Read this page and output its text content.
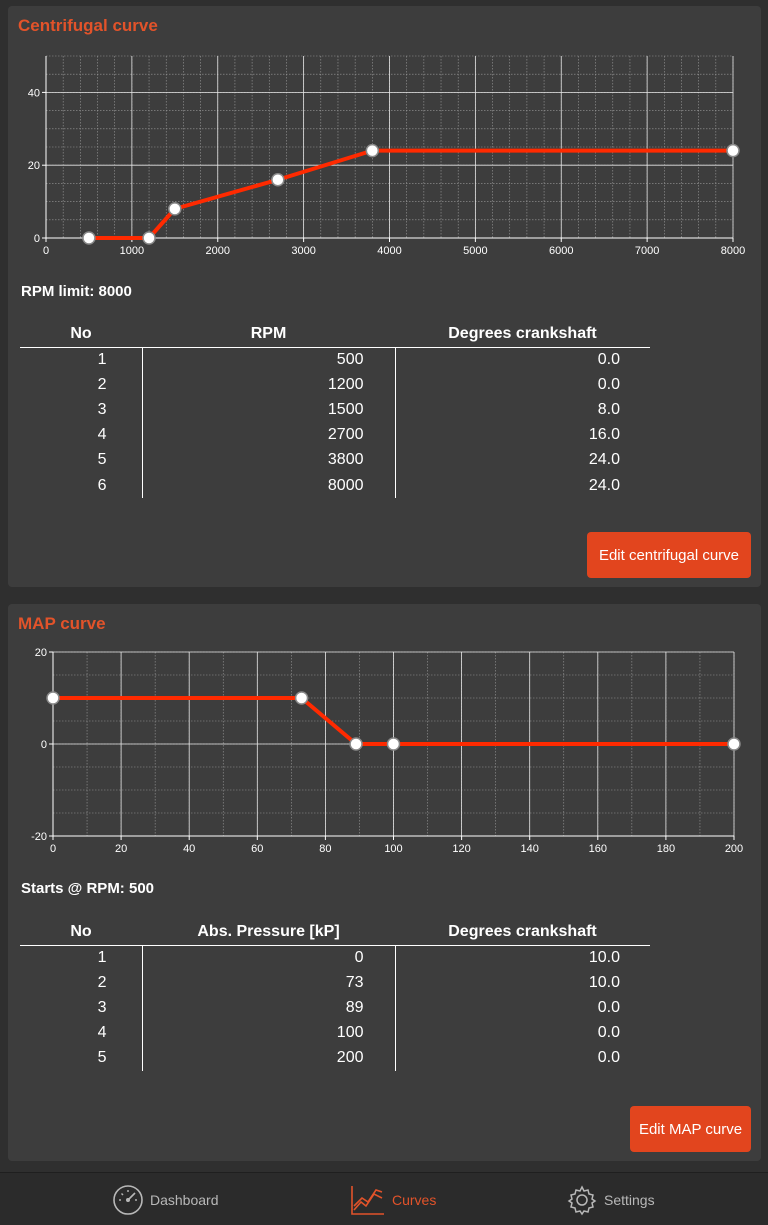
Centrifugal curve
0	1000	2000	3000	4000	5000	6000	7000	8000
0
20
40
RPM limit: 8000
No	RPM	Degrees crankshaft
1	500	0.0
2	1200	0.0
3	1500	8.0
4	2700	16.0
5	3800	24.0
6	8000	24.0
Edit centrifugal curve
MAP curve
0	20	40	60	80	100	120	140	160	180	200
-20
0
20
Starts @ RPM: 500
No	Abs. Pressure [kP]	Degrees crankshaft
1	0	10.0
2	73	10.0
3	89	0.0
4	100	0.0
5	200	0.0
Edit MAP curve
Dashboard	Curves	Settings
